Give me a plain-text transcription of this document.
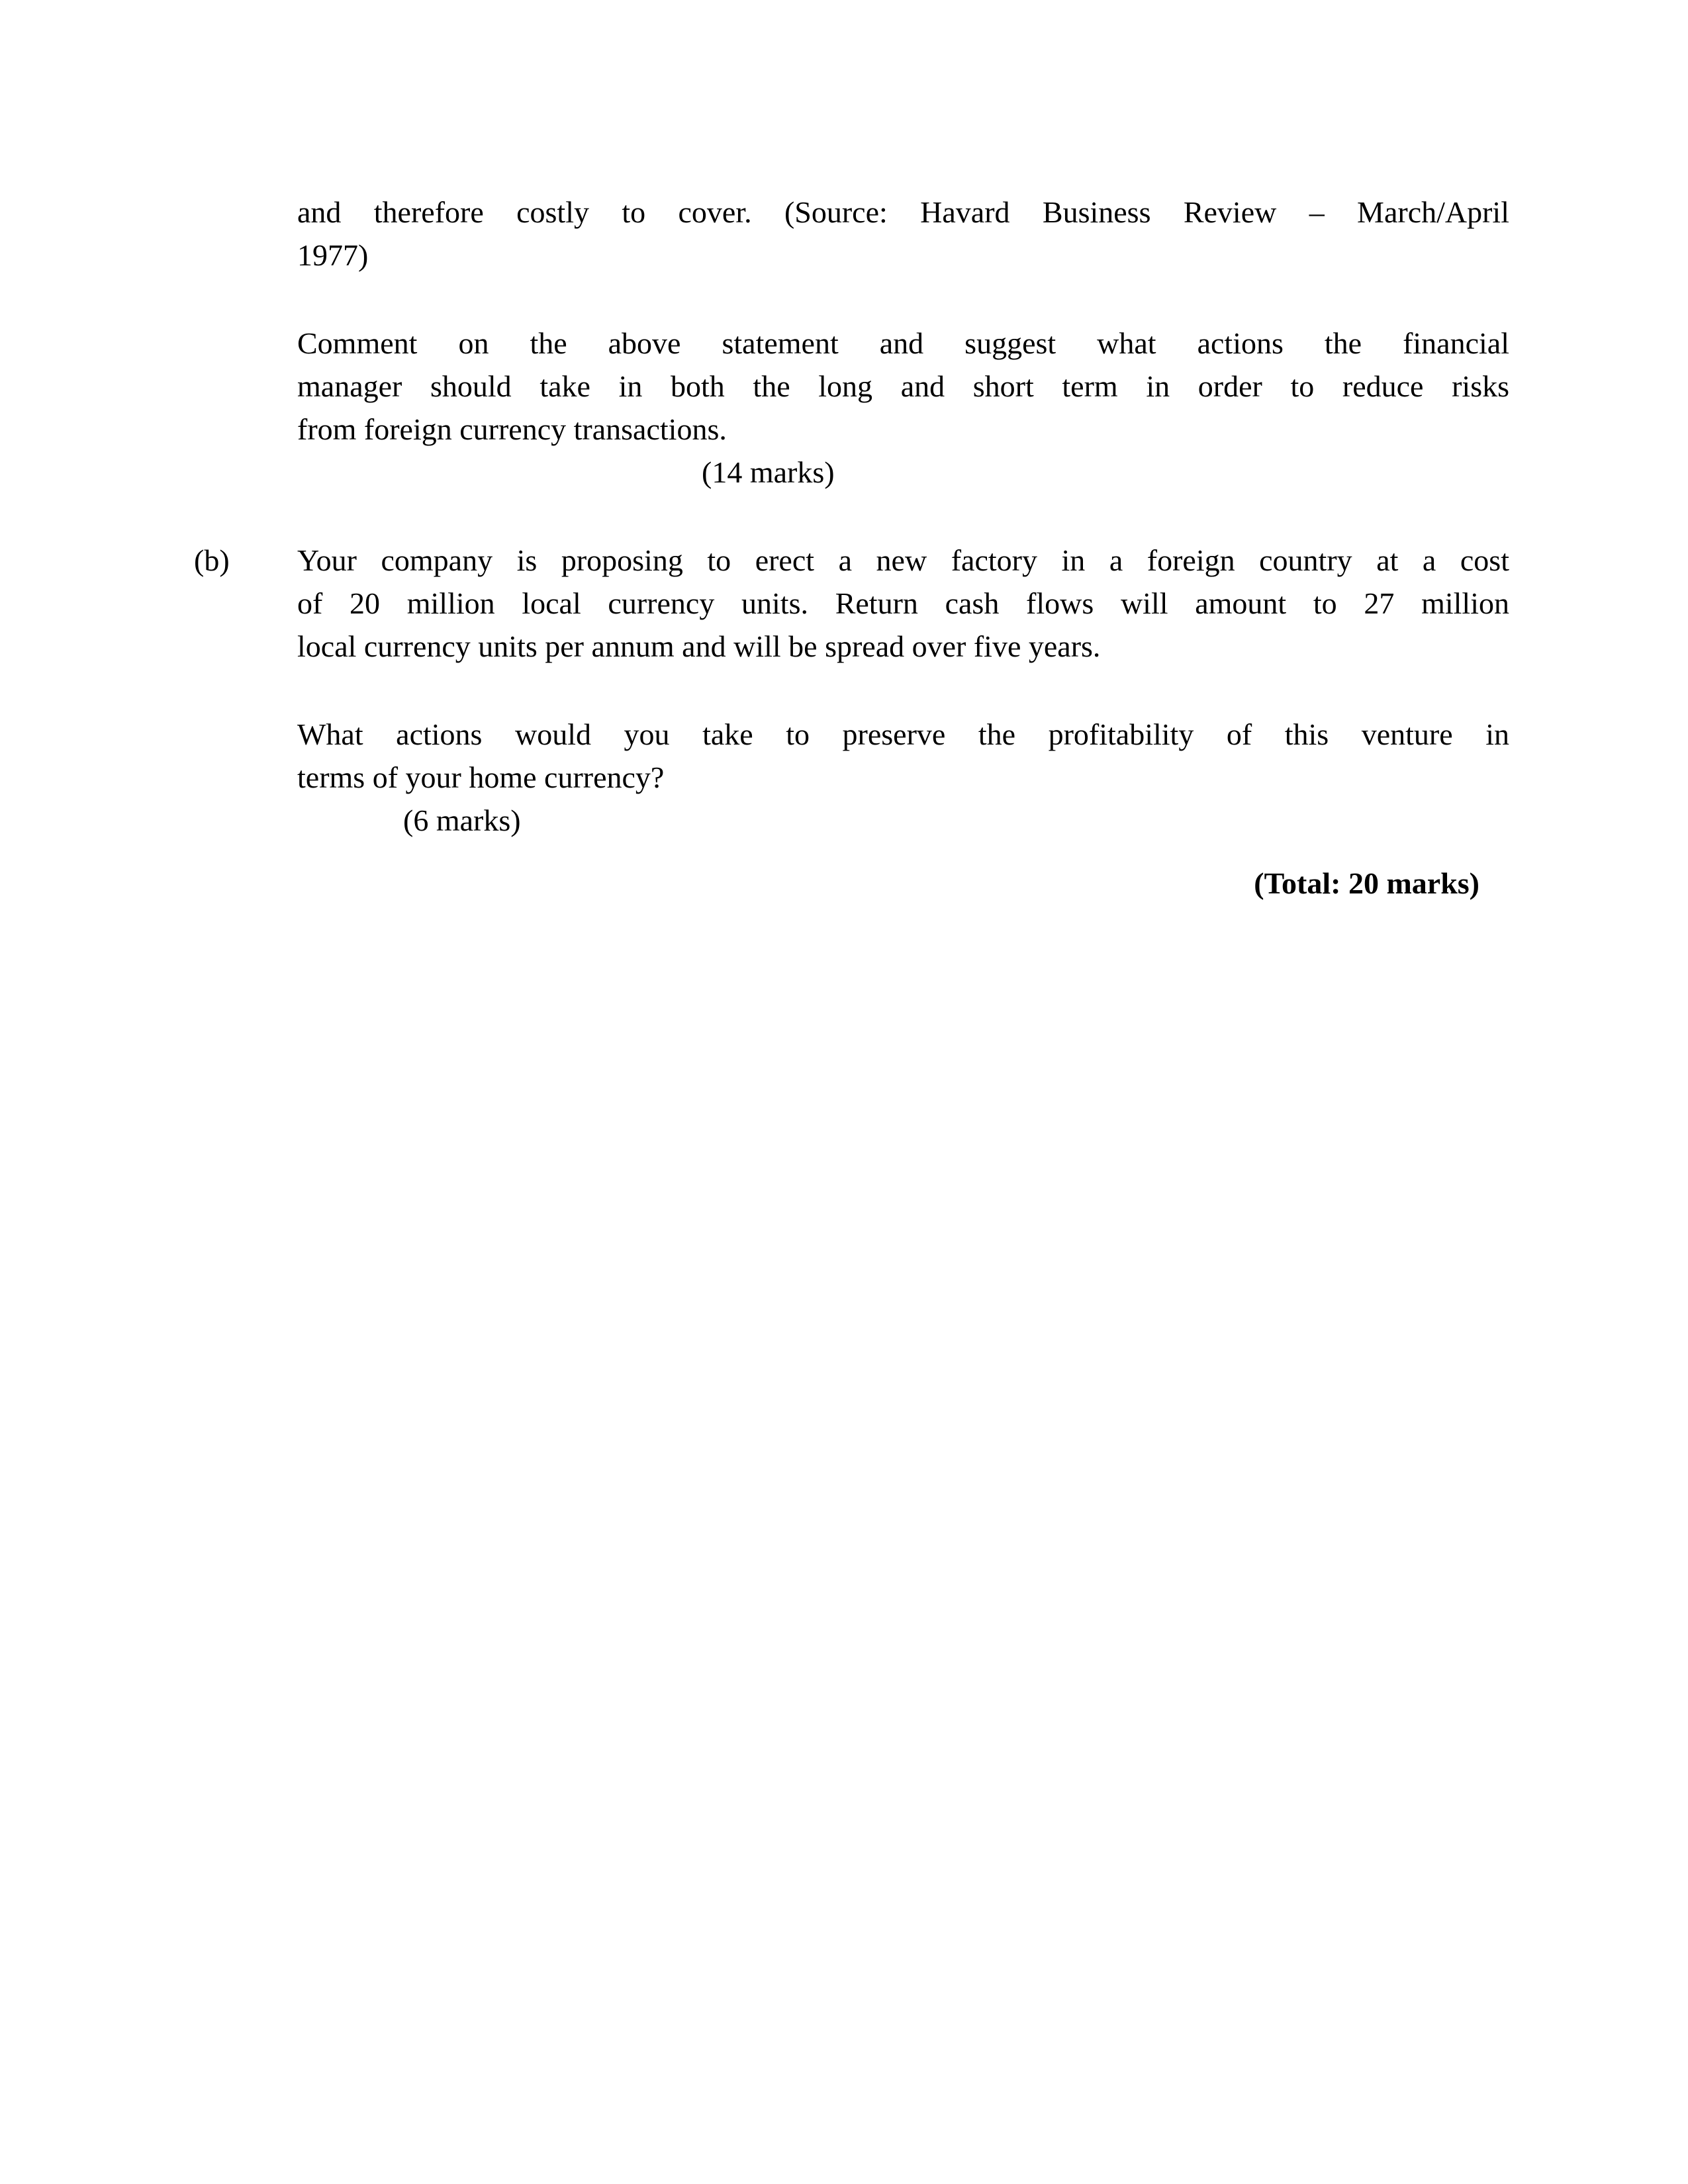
and therefore costly to cover. (Source: Havard Business Review – March/April
1977)

Comment on the above statement and suggest what actions the financial
manager should take in both the long and short term in order to reduce risks
from foreign currency transactions.

(14 marks)

(b) Your company is proposing to erect a new factory in a foreign country at a cost
of 20 million local currency units. Return cash flows will amount to 27 million
local currency units per annum and will be spread over five years.

What actions would you take to preserve the profitability of this venture in
terms of your home currency?

(6 marks)

(Total: 20 marks)
